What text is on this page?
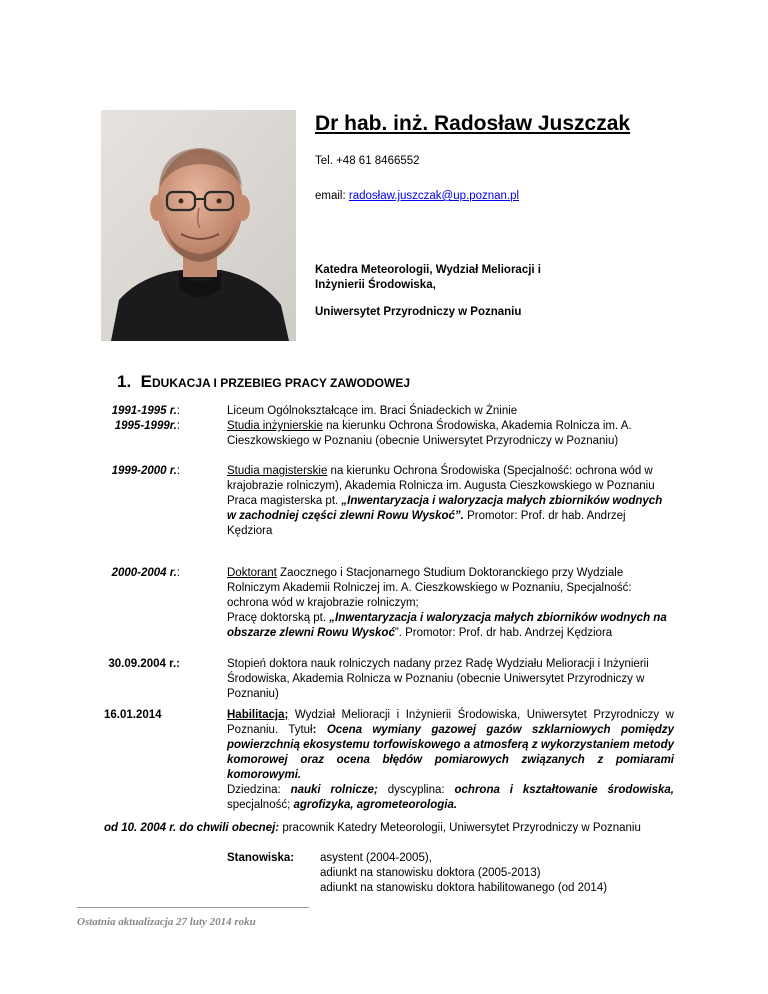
Dr hab. inż. Radosław Juszczak
Tel. +48 61 8466552
email: radosław.juszczak@up.poznan.pl
Katedra Meteorologii, Wydział Melioracji i Inżynierii Środowiska,
Uniwersytet Przyrodniczy w Poznaniu
1. EDUKACJA I PRZEBIEG PRACY ZAWODOWEJ
1991-1995 r.:
1995-1999r.:
1999-2000 r.:
2000-2004 r.:
30.09.2004 r.:
16.01.2014
Liceum Ogólnokształcące im. Braci Śniadeckich w Żninie
Studia inżynierskie na kierunku Ochrona Środowiska, Akademia Rolnicza im. A. Cieszkowskiego w Poznaniu (obecnie Uniwersytet Przyrodniczy w Poznaniu)
Studia magisterskie na kierunku Ochrona Środowiska (Specjalność: ochrona wód w krajobrazie rolniczym), Akademia Rolnicza im. Augusta Cieszkowskiego w Poznaniu
Praca magisterska pt. „Inwentaryzacja i waloryzacja małych zbiorników wodnych w zachodniej części zlewni Rowu Wyskoć”. Promotor: Prof. dr hab. Andrzej Kędziora
Doktorant Zaocznego i Stacjonarnego Studium Doktoranckiego przy Wydziale Rolniczym Akademii Rolniczej im. A. Cieszkowskiego w Poznaniu, Specjalność: ochrona wód w krajobrazie rolniczym;
Pracę doktorską pt. „Inwentaryzacja i waloryzacja małych zbiorników wodnych na obszarze zlewni Rowu Wyskoć”. Promotor: Prof. dr hab. Andrzej Kędziora
Stopień doktora nauk rolniczych nadany przez Radę Wydziału Melioracji i Inżynierii Środowiska, Akademia Rolnicza w Poznaniu (obecnie Uniwersytet Przyrodniczy w Poznaniu)
Habilitacja; Wydział Melioracji i Inżynierii Środowiska, Uniwersytet Przyrodniczy w Poznaniu. Tytuł: Ocena wymiany gazowej gazów szklarniowych pomiędzy powierzchnią ekosystemu torfowiskowego a atmosferą z wykorzystaniem metody komorowej oraz ocena błędów pomiarowych związanych z pomiarami komorowymi.
Dziedzina: nauki rolnicze; dyscyplina: ochrona i kształtowanie środowiska, specjalność; agrofizyka, agrometeorologia.
od 10. 2004 r. do chwili obecnej: pracownik Katedry Meteorologii, Uniwersytet Przyrodniczy w Poznaniu
Stanowiska: asystent (2004-2005),
adiunkt na stanowisku doktora (2005-2013)
adiunkt na stanowisku doktora habilitowanego (od 2014)
Ostatnia aktualizacja 27 luty 2014 roku
